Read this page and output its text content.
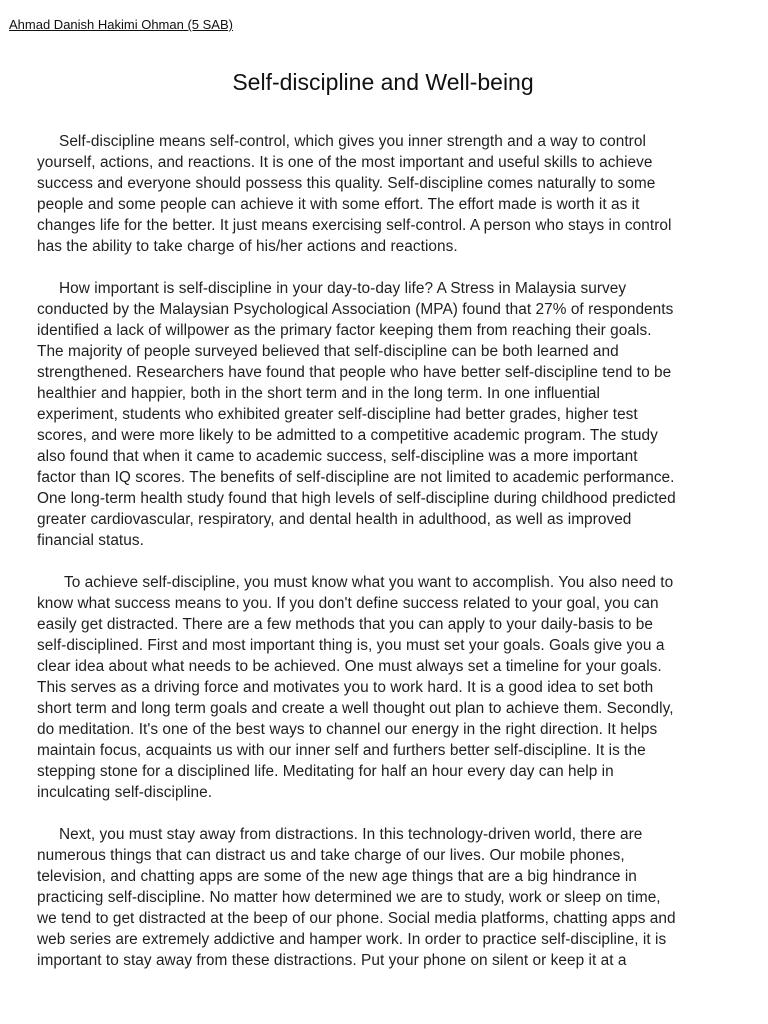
Ahmad Danish Hakimi Ohman (5 SAB)
Self-discipline and Well-being

Self-discipline means self-control, which gives you inner strength and a way to control
yourself, actions, and reactions. It is one of the most important and useful skills to achieve
success and everyone should possess this quality. Self-discipline comes naturally to some
people and some people can achieve it with some effort. The effort made is worth it as it
changes life for the better. It just means exercising self-control. A person who stays in control
has the ability to take charge of his/her actions and reactions.

How important is self-discipline in your day-to-day life? A Stress in Malaysia survey
conducted by the Malaysian Psychological Association (MPA) found that 27% of respondents
identified a lack of willpower as the primary factor keeping them from reaching their goals.
The majority of people surveyed believed that self-discipline can be both learned and
strengthened. Researchers have found that people who have better self-discipline tend to be
healthier and happier, both in the short term and in the long term. In one influential
experiment, students who exhibited greater self-discipline had better grades, higher test
scores, and were more likely to be admitted to a competitive academic program. The study
also found that when it came to academic success, self-discipline was a more important
factor than IQ scores. The benefits of self-discipline are not limited to academic performance.
One long-term health study found that high levels of self-discipline during childhood predicted
greater cardiovascular, respiratory, and dental health in adulthood, as well as improved
financial status.

To achieve self-discipline, you must know what you want to accomplish. You also need to
know what success means to you. If you don't define success related to your goal, you can
easily get distracted. There are a few methods that you can apply to your daily-basis to be
self-disciplined. First and most important thing is, you must set your goals. Goals give you a
clear idea about what needs to be achieved. One must always set a timeline for your goals.
This serves as a driving force and motivates you to work hard. It is a good idea to set both
short term and long term goals and create a well thought out plan to achieve them. Secondly,
do meditation. It's one of the best ways to channel our energy in the right direction. It helps
maintain focus, acquaints us with our inner self and furthers better self-discipline. It is the
stepping stone for a disciplined life. Meditating for half an hour every day can help in
inculcating self-discipline.

Next, you must stay away from distractions. In this technology-driven world, there are
numerous things that can distract us and take charge of our lives. Our mobile phones,
television, and chatting apps are some of the new age things that are a big hindrance in
practicing self-discipline. No matter how determined we are to study, work or sleep on time,
we tend to get distracted at the beep of our phone. Social media platforms, chatting apps and
web series are extremely addictive and hamper work. In order to practice self-discipline, it is
important to stay away from these distractions. Put your phone on silent or keep it at a
